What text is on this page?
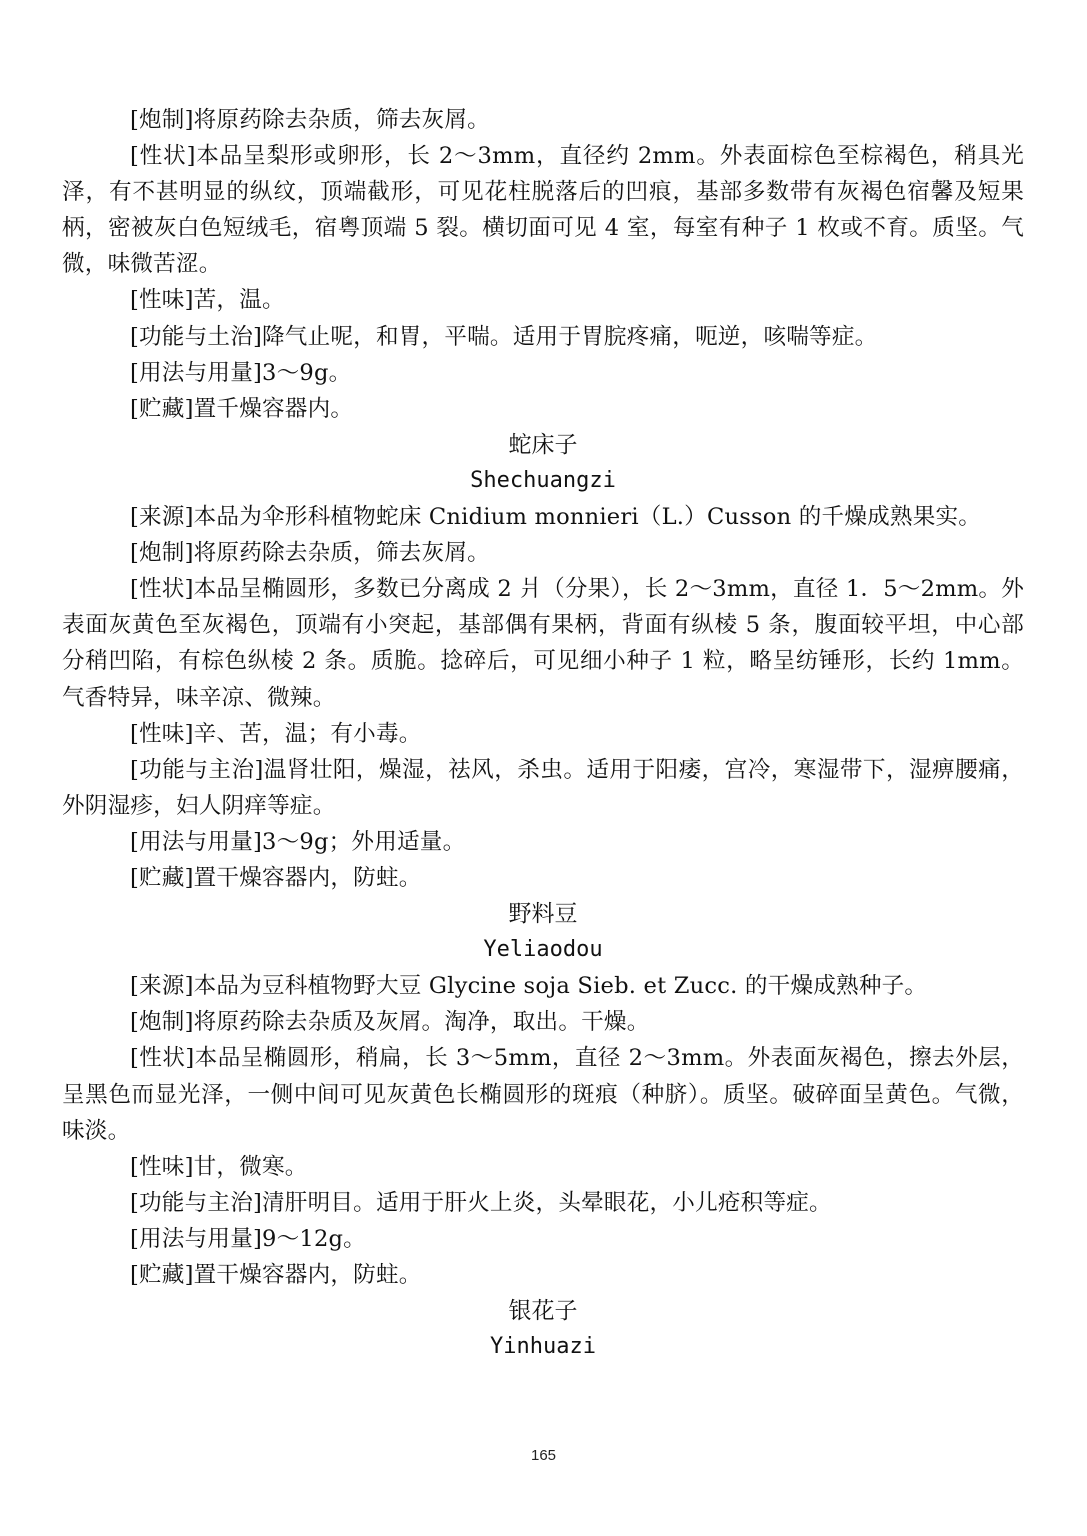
[炮制]将原药除去杂质，筛去灰屑。

[性状]本品呈梨形或卵形，长 2～3mm，直径约 2mm。外表面棕色至棕褐色，稍具光泽，有不甚明显的纵纹，顶端截形，可见花柱脱落后的凹痕，基部多数带有灰褐色宿馨及短果柄，密被灰白色短绒毛，宿粤顶端 5 裂。横切面可见 4 室，每室有种子 1 枚或不育。质坚。气微，味微苦涩。

[性味]苦，温。

[功能与土治]降气止呢，和胃，平喘。适用于胃脘疼痛，呃逆，咳喘等症。

[用法与用量]3～9g。

[贮藏]置千燥容器内。

蛇床子

Shechuangzi

[来源]本品为伞形科植物蛇床 Cnidium monnieri（L.）Cusson 的千燥成熟果实。

[炮制]将原药除去杂质，筛去灰屑。

[性状]本品呈椭圆形，多数已分离成 2 爿（分果），长 2～3mm，直径 1．5～2mm。外表面灰黄色至灰褐色，顶端有小突起，基部偶有果柄，背面有纵棱 5 条，腹面较平坦，中心部分稍凹陷，有棕色纵棱 2 条。质脆。捻碎后，可见细小种子 1 粒，略呈纺锤形，长约 1mm。气香特异，味辛凉、微辣。

[性味]辛、苦，温；有小毒。

[功能与主治]温肾壮阳，燥湿，祛风，杀虫。适用于阳痿，宫冷，寒湿带下，湿痹腰痛，外阴湿疹，妇人阴痒等症。

[用法与用量]3～9g；外用适量。

[贮藏]置干燥容器内，防蛀。

野料豆

Yeliaodou

[来源]本品为豆科植物野大豆 Glycine soja Sieb. et Zucc. 的干燥成熟种子。

[炮制]将原药除去杂质及灰屑。淘净，取出。干燥。

[性状]本品呈椭圆形，稍扁，长 3～5mm，直径 2～3mm。外表面灰褐色，擦去外层，呈黑色而显光泽，一侧中间可见灰黄色长椭圆形的斑痕（种脐）。质坚。破碎面呈黄色。气微，味淡。

[性味]甘，微寒。

[功能与主治]清肝明目。适用于肝火上炎，头晕眼花，小儿疮积等症。

[用法与用量]9～12g。

[贮藏]置干燥容器内，防蛀。

银花子

Yinhuazi

165
